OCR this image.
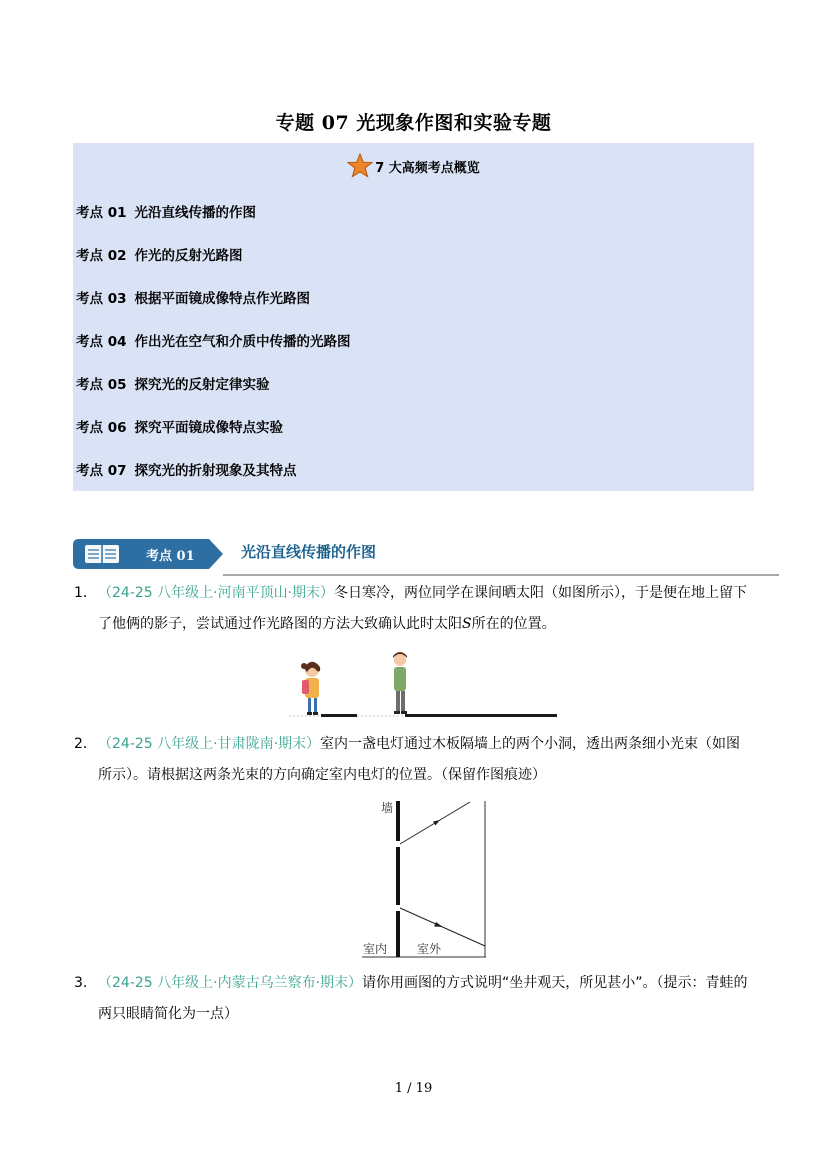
专题 07 光现象作图和实验专题
7 大高频考点概览
考点 01 光沿直线传播的作图
考点 02 作光的反射光路图
考点 03 根据平面镜成像特点作光路图
考点 04 作出光在空气和介质中传播的光路图
考点 05 探究光的反射定律实验
考点 06 探究平面镜成像特点实验
考点 07 探究光的折射现象及其特点
考点 01	光沿直线传播的作图
1． （24-25 八年级上·河南平顶山·期末）冬日寒冷，两位同学在课间晒太阳（如图所示），于是便在地上留下了他俩的影子，尝试通过作光路图的方法大致确认此时太阳S所在的位置。
2． （24-25 八年级上·甘肃陇南·期末）室内一盏电灯通过木板隔墙上的两个小洞，透出两条细小光束（如图所示）。请根据这两条光束的方向确定室内电灯的位置。（保留作图痕迹）
墙
室内 室外
3． （24-25 八年级上·内蒙古乌兰察布·期末）请你用画图的方式说明“坐井观天，所见甚小”。（提示：青蛙的两只眼睛简化为一点）
1 / 19
